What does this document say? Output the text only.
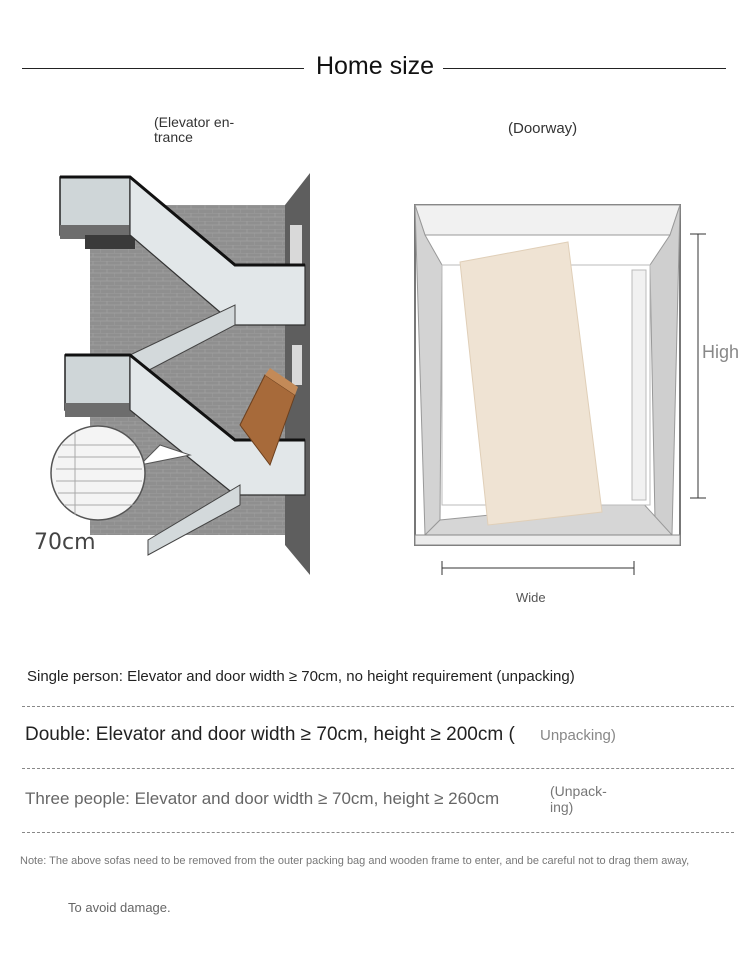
Home size
(Elevator en-
trance
70cm
(Doorway)
High
Wide
Single person: Elevator and door width ≥ 70cm, no height requirement (unpacking)
Double: Elevator and door width ≥ 70cm, height ≥ 200cm ( Unpacking)
Three people: Elevator and door width ≥ 70cm, height ≥ 260cm	(Unpack-
ing)
Note: The above sofas need to be removed from the outer packing bag and wooden frame to enter, and be careful not to drag them away,
To avoid damage.
